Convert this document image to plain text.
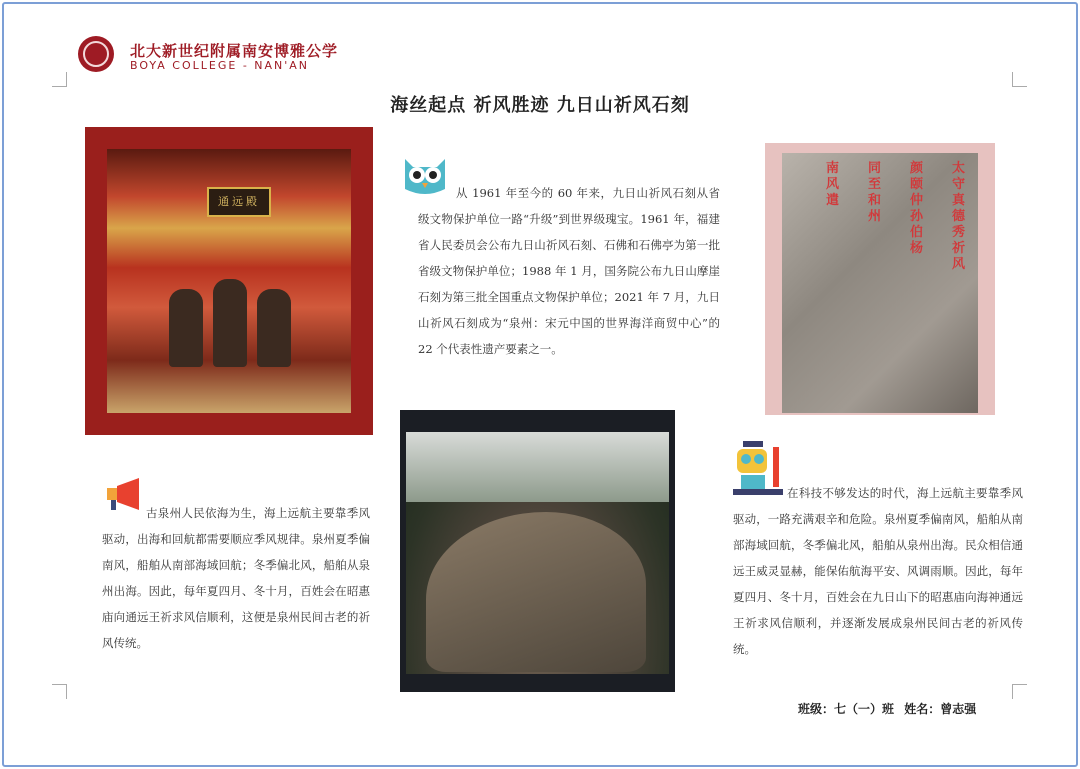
北大新世纪附属南安博雅公学
BOYA COLLEGE - NAN'AN
海丝起点 祈风胜迹 九日山祈风石刻
通远殿
从 1961 年至今的 60 年来，九日山祈风石刻从省级文物保护单位一路“升级”到世界级瑰宝。1961 年，福建省人民委员会公布九日山祈风石刻、石佛和石佛亭为第一批省级文物保护单位；1988 年 1 月，国务院公布九日山摩崖石刻为第三批全国重点文物保护单位；2021 年 7 月，九日山祈风石刻成为“泉州：宋元中国的世界海洋商贸中心”的 22 个代表性遗产要素之一。
太守真德秀祈风
颜颐仲孙伯杨
同至和州
南风遣
古泉州人民依海为生，海上远航主要靠季风驱动，出海和回航都需要顺应季风规律。泉州夏季偏南风，船舶从南部海域回航；冬季偏北风，船舶从泉州出海。因此，每年夏四月、冬十月，百姓会在昭惠庙向通远王祈求风信顺利，这便是泉州民间古老的祈风传统。
在科技不够发达的时代，海上远航主要靠季风驱动，一路充满艰辛和危险。泉州夏季偏南风，船舶从南部海域回航，冬季偏北风，船舶从泉州出海。民众相信通远王威灵显赫，能保佑航海平安、风调雨顺。因此，每年夏四月、冬十月，百姓会在九日山下的昭惠庙向海神通远王祈求风信顺利，并逐渐发展成泉州民间古老的祈风传统。
班级：七（一）班 姓名：曾志强
